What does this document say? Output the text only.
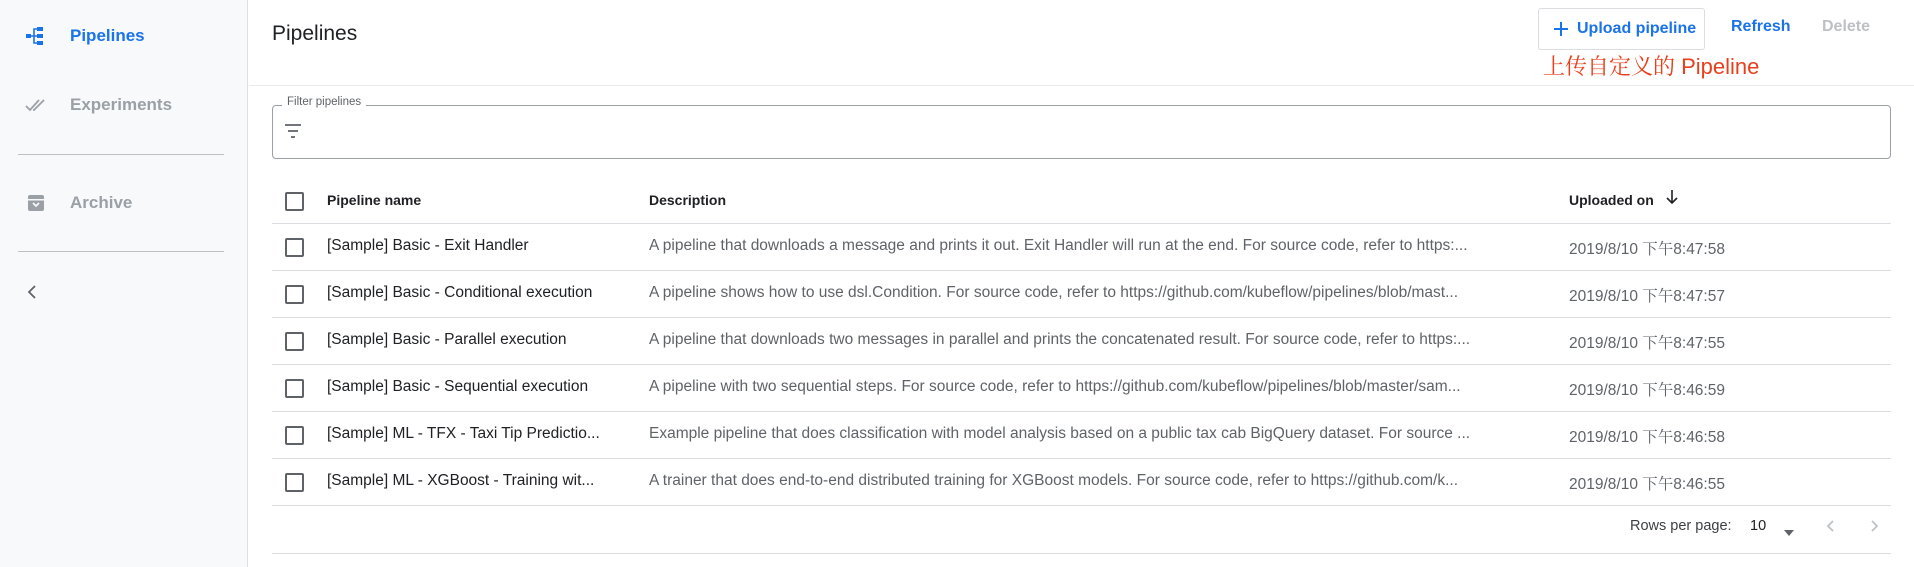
Pipelines
Experiments
Archive
Pipelines	Upload pipeline Refresh Delete
上传自定义的 Pipeline
Filter pipelines
Pipeline name	Description	Uploaded on
[Sample] Basic - Exit Handler	A pipeline that downloads a message and prints it out. Exit Handler will run at the end. For source code, refer to https:...	2019/8/10 下午8:47:58
[Sample] Basic - Conditional execution	A pipeline shows how to use dsl.Condition. For source code, refer to https://github.com/kubeflow/pipelines/blob/mast...	2019/8/10 下午8:47:57
[Sample] Basic - Parallel execution	A pipeline that downloads two messages in parallel and prints the concatenated result. For source code, refer to https:...	2019/8/10 下午8:47:55
[Sample] Basic - Sequential execution	A pipeline with two sequential steps. For source code, refer to https://github.com/kubeflow/pipelines/blob/master/sam...	2019/8/10 下午8:46:59
[Sample] ML - TFX - Taxi Tip Predictio...	Example pipeline that does classification with model analysis based on a public tax cab BigQuery dataset. For source ...	2019/8/10 下午8:46:58
[Sample] ML - XGBoost - Training wit...	A trainer that does end-to-end distributed training for XGBoost models. For source code, refer to https://github.com/k...	2019/8/10 下午8:46:55
Rows per page: 10
